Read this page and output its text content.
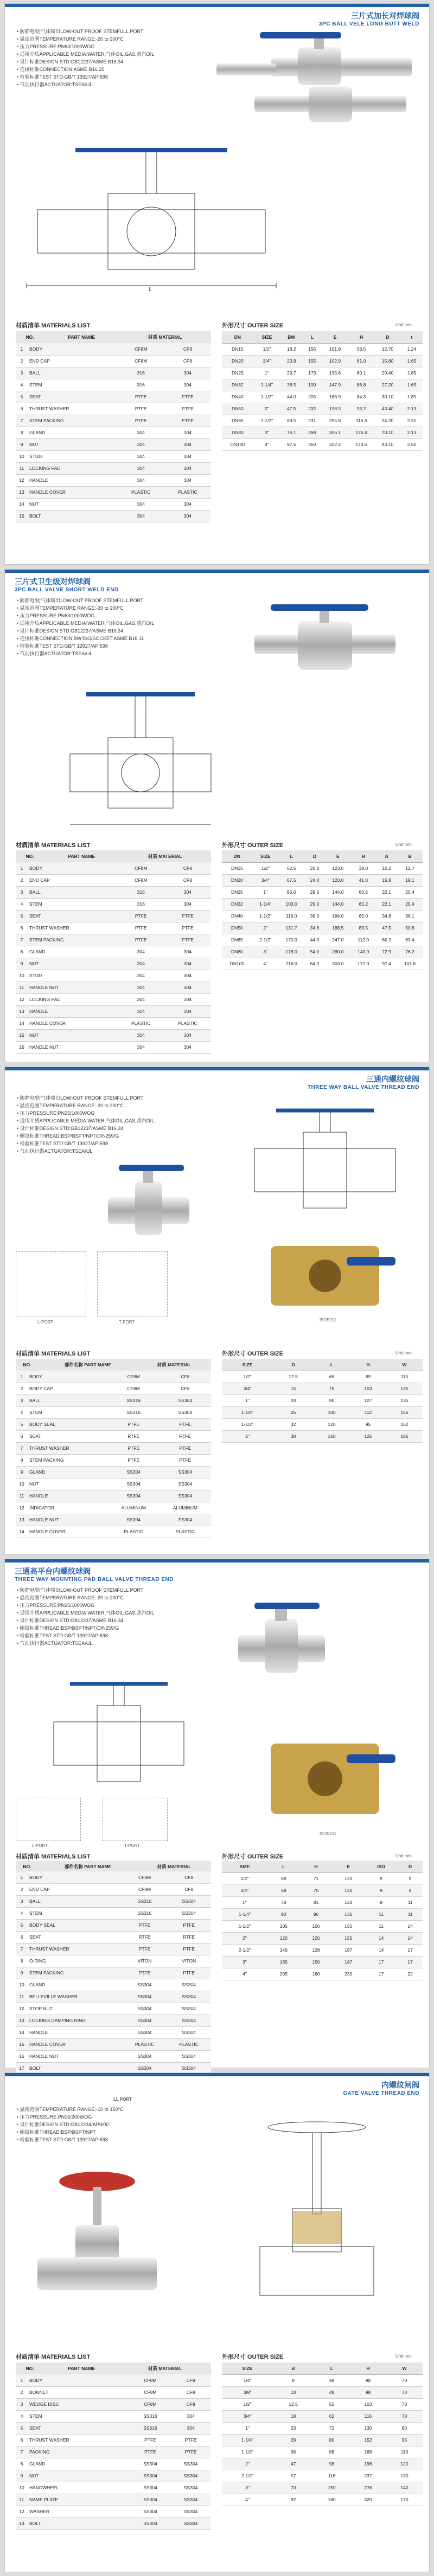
三片式加长对焊球阀
3PC BALL VELE LONG BUTT WELD
• 防静电/防气体喷出LOW-OUT PROOF STEMFULL PORT
• 温度范围TEMPERATURE RANGE:-20 to 200°C
• 压力PRESSURE:PN63/1000WOG
• 适用介质APPLICABLE MEDIA:WATER,气体OIL,GAS,蒸汽OIL
• 设计标准DESIGN STD:GB12237/ASME B16.34
• 连接标准CONNECTION:ASME B16.25
• 检验标准TEST STD:GB/T 13927/API598
• 气动执行器ACTUATOR:TSEA/UL
L
材质清单 MATERIALS LIST
NO.	PART NAME	材质 MATERIAL
1	BODY	CF8M	CF8
2	END CAP	CF8M	CF8
3	BALL	316	304
4	STEM	316	304
5	SEAT	PTFE	PTFE
6	THRUST WASHER	PTFE	PTFE
7	STEM PACKING	PTFE	PTFE
8	GLAND	304	304
9	NUT	304	304
10	STUD	304	304
11	LOCKING PAD	304	304
12	HANDLE	304	304
13	HANDLE COVER	PLASTIC	PLASTIC
14	NUT	304	304
15	BOLT	304	304
外形尺寸 OUTER SIZE	Unit:mm
DN	SIZE	BW	L	E	H	D	t
DN15	1/2"	18.2	155	101.9	58.5	12.70	1.24
DN20	3/4"	23.8	155	102.9	61.0	15.80	1.65
DN25	1"	29.7	173	133.6	80.1	20.40	1.85
DN32	1-1/4"	38.5	190	147.9	86.8	27.20	1.65
DN40	1-1/2"	44.0	205	168.9	84.3	30.10	1.85
DN50	2"	47.5	232	198.5	93.2	43.40	2.13
DN65	2-1/2"	69.5	231	255.8	116.3	54.20	2.31
DN80	3"	76.1	268	306.1	125.4	70.10	2.13
DN100	4"	97.5	350	322.2	173.5	83.10	2.50
三片式卫生级对焊球阀
3PC BALL VALVE SHORT WELD END
• 防静电/防气体喷出LOW-OUT PROOF STEMFULL PORT
• 温度范围TEMPERATURE RANGE:-20 to 200°C
• 压力PRESSURE:PN63/1000WOG
• 适用介质APPLICABLE MEDIA:WATER,气体OIL,GAS,蒸汽OIL
• 设计标准DESIGN STD:GB12237/ASME B16.34
• 连接标准CONNECTION:BW:ISO/SOCKET ASME B16.11
• 检验标准TEST STD:GB/T 13927/API598
• 气动执行器ACTUATOR:TSEA/UL
材质清单 MATERIALS LIST
NO.	PART NAME	材质 MATERIAL
1	BODY	CF8M	CF8
2	END CAP	CF8M	CF8
3	BALL	316	304
4	STEM	316	304
5	SEAT	PTFE	PTFE
6	THRUST WASHER	PTFE	PTFE
7	STEM PACKING	PTFE	PTFE
8	GLAND	304	304
9	NUT	304	304
10	STUD	304	304
11	HANDLE NUT	304	304
12	LOCKING PAD	304	304
13	HANDLE	304	304
14	HANDLE COVER	PLASTIC	PLASTIC
15	NUT	304	304
16	HANDLE NUT	304	304
外形尺寸 OUTER SIZE	Unit:mm
DN	SIZE	L	D	E	H	A	B
DN15	1/2"	62.5	20.0	123.0	38.0	10.2	12.7
DN20	3/4"	67.5	24.0	123.0	41.0	15.8	19.1
DN25	1"	86.0	29.0	144.0	60.2	22.1	25.4
DN32	1-1/4"	103.0	29.0	144.0	60.2	22.1	25.4
DN40	1-1/2"	118.0	39.0	164.0	65.0	34.8	38.1
DN50	2"	131.7	34.8	188.5	83.5	47.5	50.8
DN65	2-1/2"	170.0	44.0	247.0	112.0	60.2	63.4
DN80	3"	178.0	54.0	260.0	140.0	72.9	76.2
DN100	4"	216.0	64.0	303.0	177.0	97.4	101.6
三通内螺纹球阀
THREE WAY BALL VALVE THREAD END
• 防静电/防气体喷出LOW-OUT PROOF STEMFULL PORT
• 温度范围TEMPERATURE RANGE:-20 to 200°C
• 压力PRESSURE:PN25/1000WOG
• 适用介质APPLICABLE MEDIA:WATER,气体OIL,GAS,蒸汽OIL
• 设计标准DESIGN STD:GB12237/ASME B16.34
• 螺纹标准THREAD:BSP/BSPT/NPT/DIN259/G
• 检验标准TEST STD:GB/T 13927/API598
• 气动执行器ACTUATOR:TSEA/UL
L-PORT	T-PORT	ISO5211
材质清单 MATERIALS LIST
NO.	部件名称 PART NAME	材质 MATERIAL
1	BODY	CF8M	CF8
2	BODY CAP	CF8M	CF8
3	BALL	SS316	SS304
4	STEM	SS316	SS304
5	BODY SEAL	PTFE	PTFE
6	SEAT	RTFE	RTFE
7	THRUST WASHER	PTFE	PTFE
8	STEM PACKING	PTFE	PTFE
9	GLAND	SS304	SS304
10	NUT	SS304	SS304
11	HANDLE	SS304	SS304
12	INDICATOR	ALUMINUM	ALUMINUM
13	HANDLE NUT	SS304	SS304
14	HANDLE COVER	PLASTIC	PLASTIC
外形尺寸 OUTER SIZE	Unit:mm
SIZE	D	L	H	W
1/2"	12.5	68	89	115
3/4"	15	76	103	135
1"	20	90	107	135
1-1/4"	25	100	112	155
1-1/2"	32	120	95	162
2"	38	150	125	185
三通高平台内螺纹球阀
THREE WAY MOUNTING PAD BALL VALVE THREAD END
• 防静电/防气体喷出LOW-OUT PROOF STEMFULL PORT
• 温度范围TEMPERATURE RANGE:-20 to 200°C
• 压力PRESSURE:PN25/1000WOG
• 适用介质APPLICABLE MEDIA:WATER,气体OIL,GAS,蒸汽OIL
• 设计标准DESIGN STD:GB12237/ASME B16.34
• 螺纹标准THREAD:BSP/BSPT/NPT/DIN259/G
• 检验标准TEST STD:GB/T 13927/API598
• 气动执行器ACTUATOR:TSEA/UL
L-PORT	T-PORT
ISO5211
材质清单 MATERIALS LIST
NO.	部件名称 PART NAME	材质 MATERIAL
1	BODY	CF8M	CF8
2	END CAP	CF8M	CF8
3	BALL	SS316	SS304
4	STEM	SS316	SS304
5	BODY SEAL	PTFE	PTFE
6	SEAT	RTFE	RTFE
7	THRUST WASHER	PTFE	PTFE
8	O-RING	VITON	VITON
9	STEM PACKING	PTFE	PTFE
10	GLAND	SS304	SS304
11	BELLEVILLE WASHER	SS304	SS304
12	STOP NUT	SS304	SS304
13	LOCKING DAMPING RING	SS304	SS304
14	HANDLE	SS304	SS304
15	HANDLE COVER	PLASTIC	PLASTIC
16	HANDLE NUT	SS304	SS304
17	BOLT	SS304	SS304

外形尺寸 OUTER SIZE	Unit:mm
SIZE	L	H	E	ISO	D
1/2"	68	71	120	9	9
3/4"	68	75	120	9	9
1"	78	81	120	9	11
1-1/4"	90	90	135	11	11
1-1/2"	105	100	155	11	14
2"	120	120	155	14	14
2-1/2"	140	128	187	14	17
3"	165	150	187	17	17
4"	205	160	230	17	22
内螺纹闸阀
GATE VALVE THREAD END
LL PORT
• 温度范围TEMPERATURE RANGE:-10 to 150°C
• 压力PRESSURE:PN16/200WOG
• 设计标准DESIGN STD:GB12234/API600
• 螺纹标准THREAD:BSP/BSPT/NPT
• 检验标准TEST STD:GB/T 13927/API598
材质清单 MATERIALS LIST
NO.	PART NAME	材质 MATERIAL
1	BODY	CF8M	CF8
2	BONNET	CF8M	CF8
3	WEDGE DISC	CF8M	CF8
4	STEM	SS316	304
5	SEAT	SS316	304
6	THRUST WASHER	PTFE	PTFE
7	PACKING	PTFE	PTFE
8	GLAND	SS304	SS304
9	NUT	SS304	SS304
10	HANDWHEEL	SS304	SS304
11	NAME PLATE	SS304	SS304
12	WASHER	SS304	SS304
13	BOLT	SS304	SS304
外形尺寸 OUTER SIZE	Unit:mm
SIZE	d	L	H	W
1/4"	8	48	98	70
3/8"	10	48	98	70
1/2"	12.5	52	103	70
3/4"	18	62	116	70
1"	23	72	130	80
1-1/4"	29	80	152	95
1-1/2"	36	88	168	110
2"	47	98	196	120
2-1/2"	57	116	237	130
3"	70	150	276	140
4"	92	180	320	170
